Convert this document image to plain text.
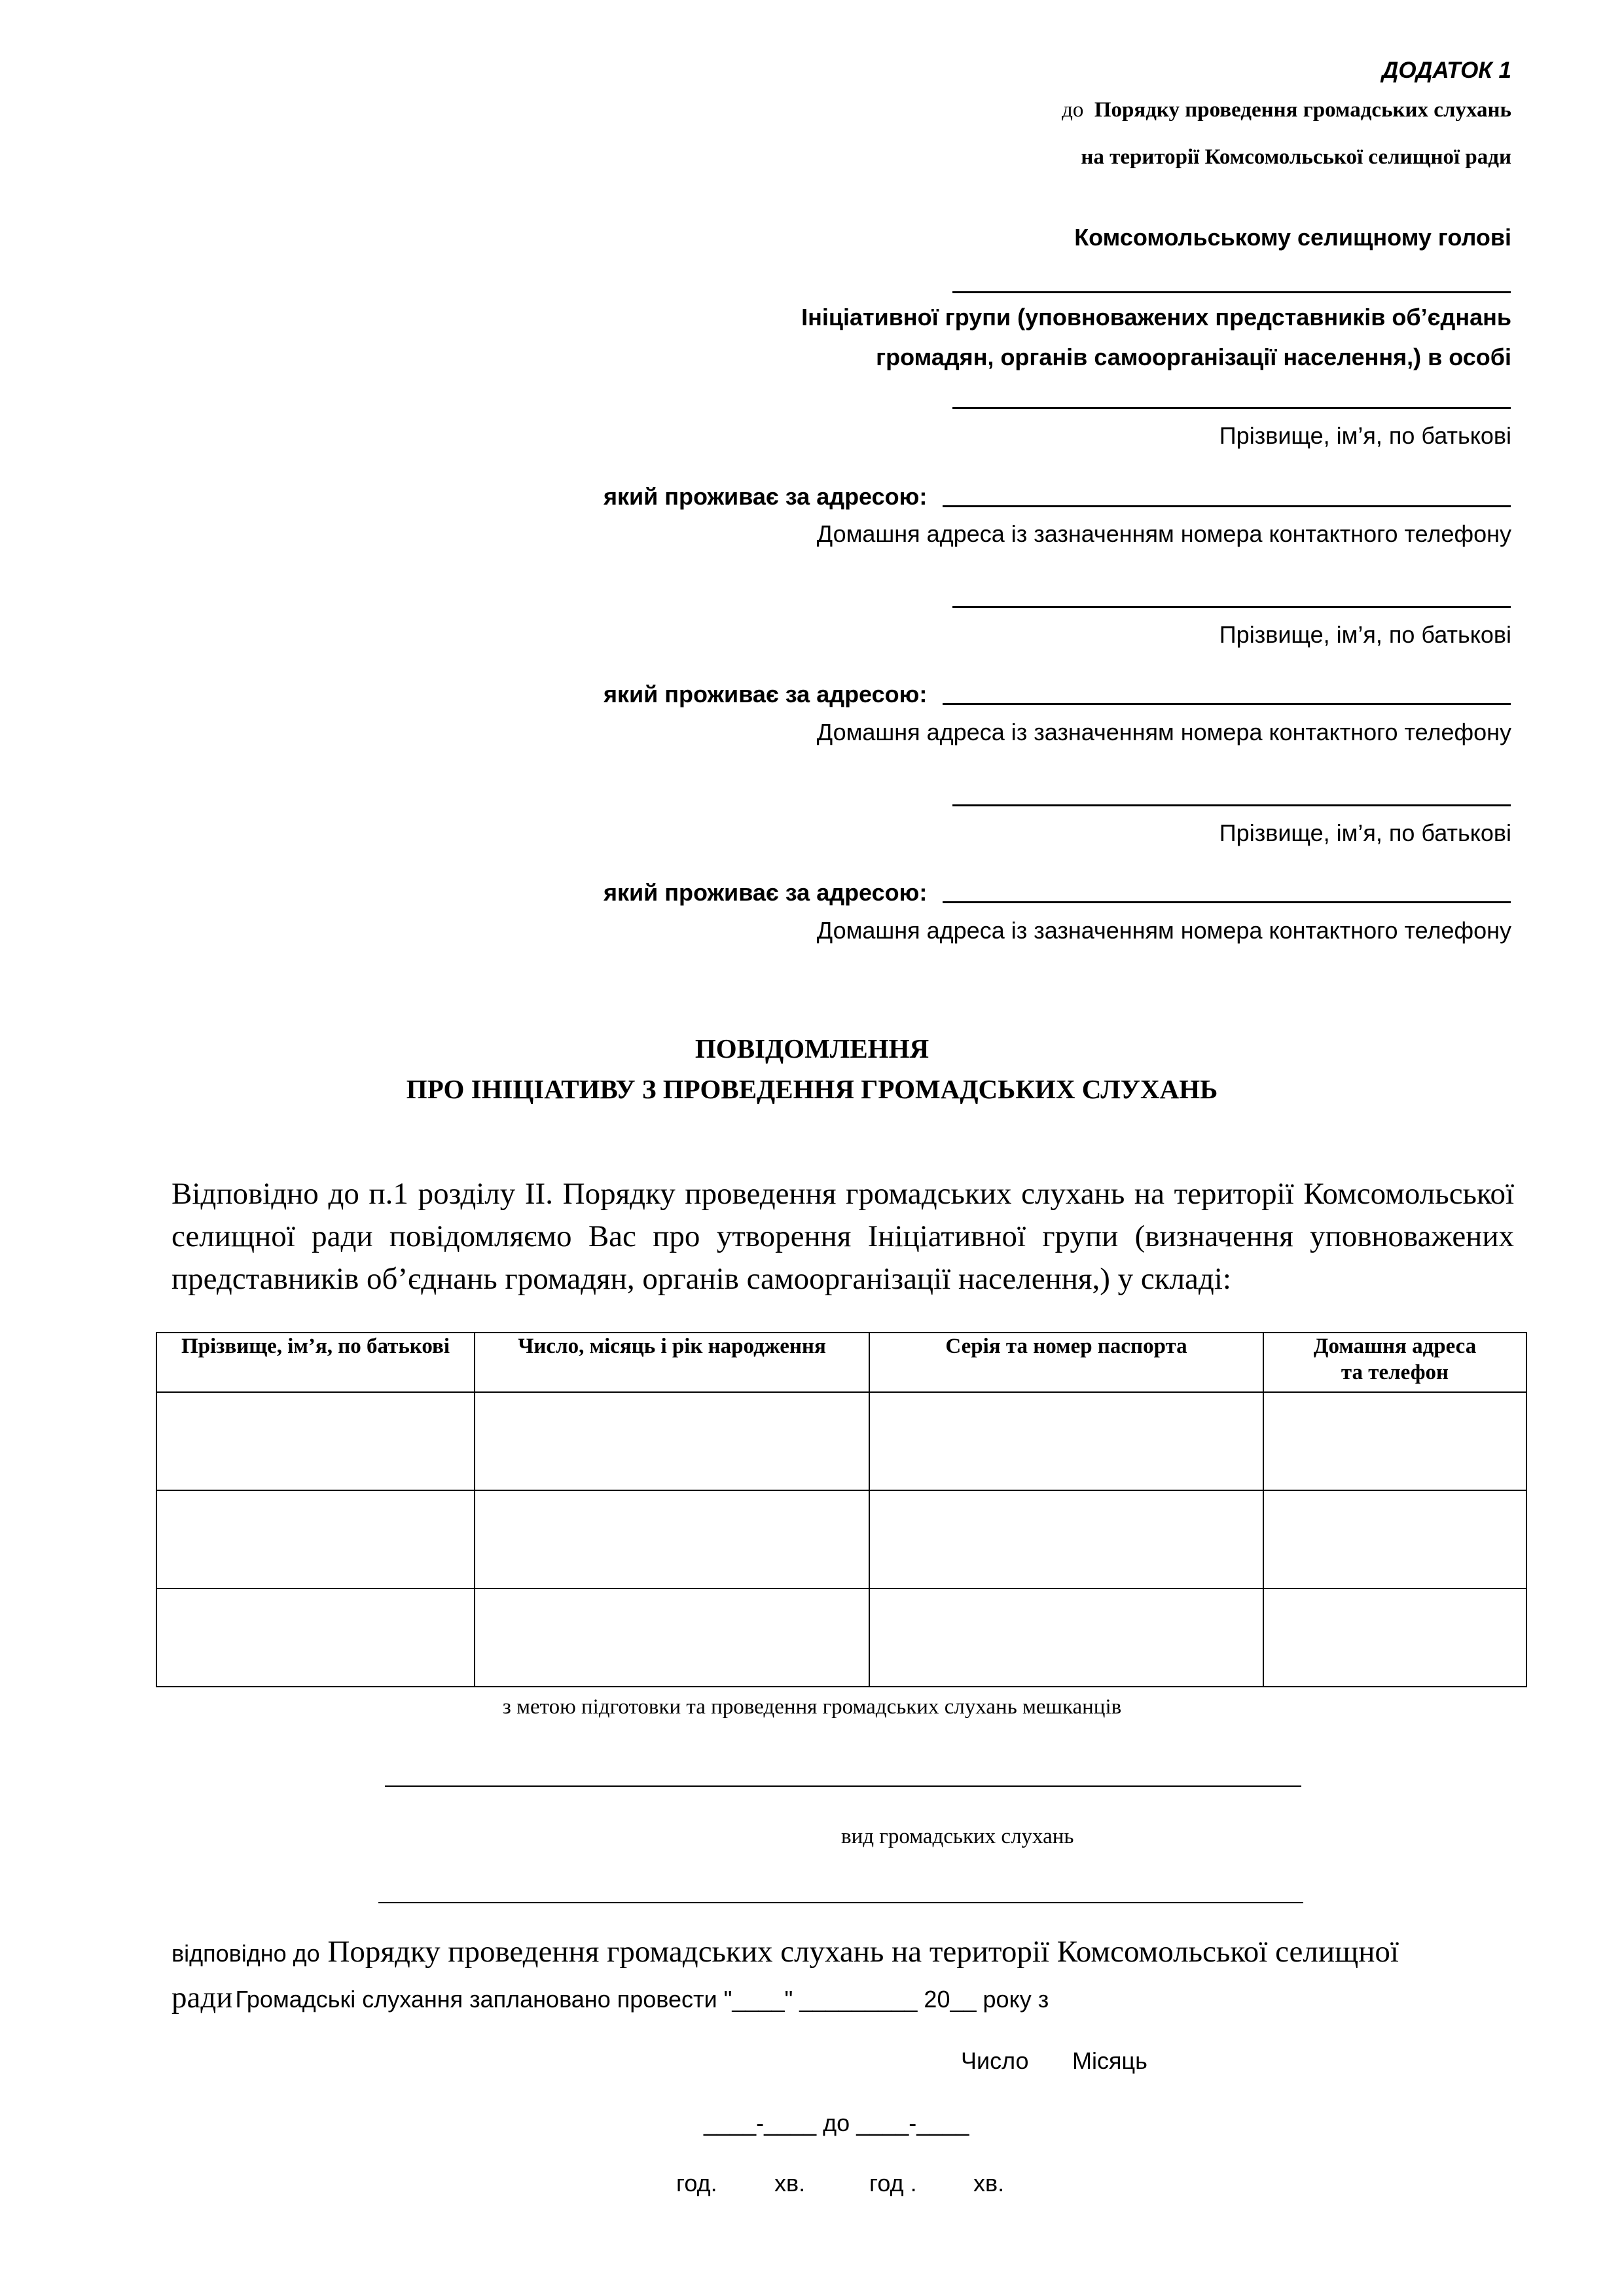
ДОДАТОК 1
до Порядку проведення громадських слухань
на території Комсомольської селищної ради
Комсомольському селищному голові
Ініціативної групи (уповноважених представників об’єднань
громадян, органів самоорганізації населення,) в особі
Прізвище, ім’я, по батькові
який проживає за адресою:
Домашня адреса із зазначенням номера контактного телефону
Прізвище, ім’я, по батькові
який проживає за адресою:
Домашня адреса із зазначенням номера контактного телефону
Прізвище, ім’я, по батькові
який проживає за адресою:
Домашня адреса із зазначенням номера контактного телефону
ПОВІДОМЛЕННЯ
ПРО ІНІЦІАТИВУ З ПРОВЕДЕННЯ ГРОМАДСЬКИХ СЛУХАНЬ
Відповідно до п.1 розділу ІІ. Порядку проведення громадських слухань на території Комсомольської селищної ради повідомляємо Вас про утворення Ініціативної групи (визначення уповноважених представників об’єднань громадян, органів самоорганізації населення,) у складі:
Прізвище, ім’я, по батькові	Число, місяць і рік народження	Серія та номер паспорта	Домашня адреса
та телефон

з метою підготовки та проведення громадських слухань мешканців
вид громадських слухань
відповідно до Порядку проведення громадських слухань на території Комсомольської селищної
ради Громадські слухання заплановано провести "____" _________ 20__ року з
Число Місяць
____-____ до ____-____
год. хв.	год . хв.
